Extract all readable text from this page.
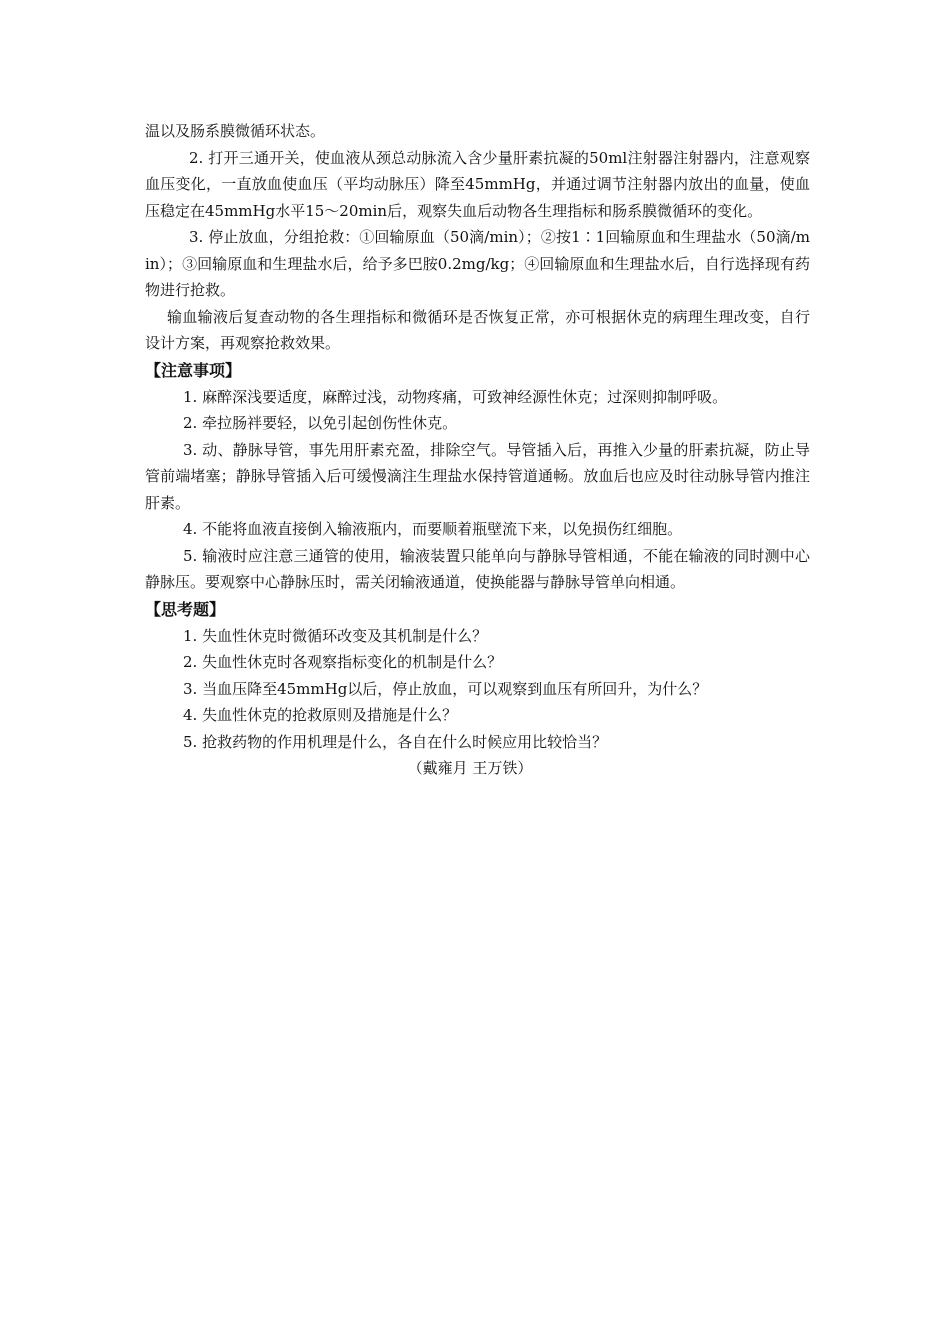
温以及肠系膜微循环状态。

2. 打开三通开关，使血液从颈总动脉流入含少量肝素抗凝的50ml注射器注射器内，注意观察血压变化，一直放血使血压（平均动脉压）降至45mmHg，并通过调节注射器内放出的血量，使血压稳定在45mmHg水平15～20min后，观察失血后动物各生理指标和肠系膜微循环的变化。

3. 停止放血，分组抢救：①回输原血（50滴/min）；②按1∶1回输原血和生理盐水（50滴/min）；③回输原血和生理盐水后，给予多巴胺0.2mg/kg；④回输原血和生理盐水后，自行选择现有药物进行抢救。

输血输液后复查动物的各生理指标和微循环是否恢复正常，亦可根据休克的病理生理改变，自行设计方案，再观察抢救效果。

【注意事项】

1. 麻醉深浅要适度，麻醉过浅，动物疼痛，可致神经源性休克；过深则抑制呼吸。

2. 牵拉肠袢要轻，以免引起创伤性休克。

3. 动、静脉导管，事先用肝素充盈，排除空气。导管插入后，再推入少量的肝素抗凝，防止导管前端堵塞；静脉导管插入后可缓慢滴注生理盐水保持管道通畅。放血后也应及时往动脉导管内推注肝素。

4. 不能将血液直接倒入输液瓶内，而要顺着瓶壁流下来，以免损伤红细胞。

5. 输液时应注意三通管的使用，输液装置只能单向与静脉导管相通，不能在输液的同时测中心静脉压。要观察中心静脉压时，需关闭输液通道，使换能器与静脉导管单向相通。

【思考题】

1. 失血性休克时微循环改变及其机制是什么？

2. 失血性休克时各观察指标变化的机制是什么？

3. 当血压降至45mmHg以后，停止放血，可以观察到血压有所回升，为什么？

4. 失血性休克的抢救原则及措施是什么？

5. 抢救药物的作用机理是什么，各自在什么时候应用比较恰当？

（戴雍月 王万铁）
